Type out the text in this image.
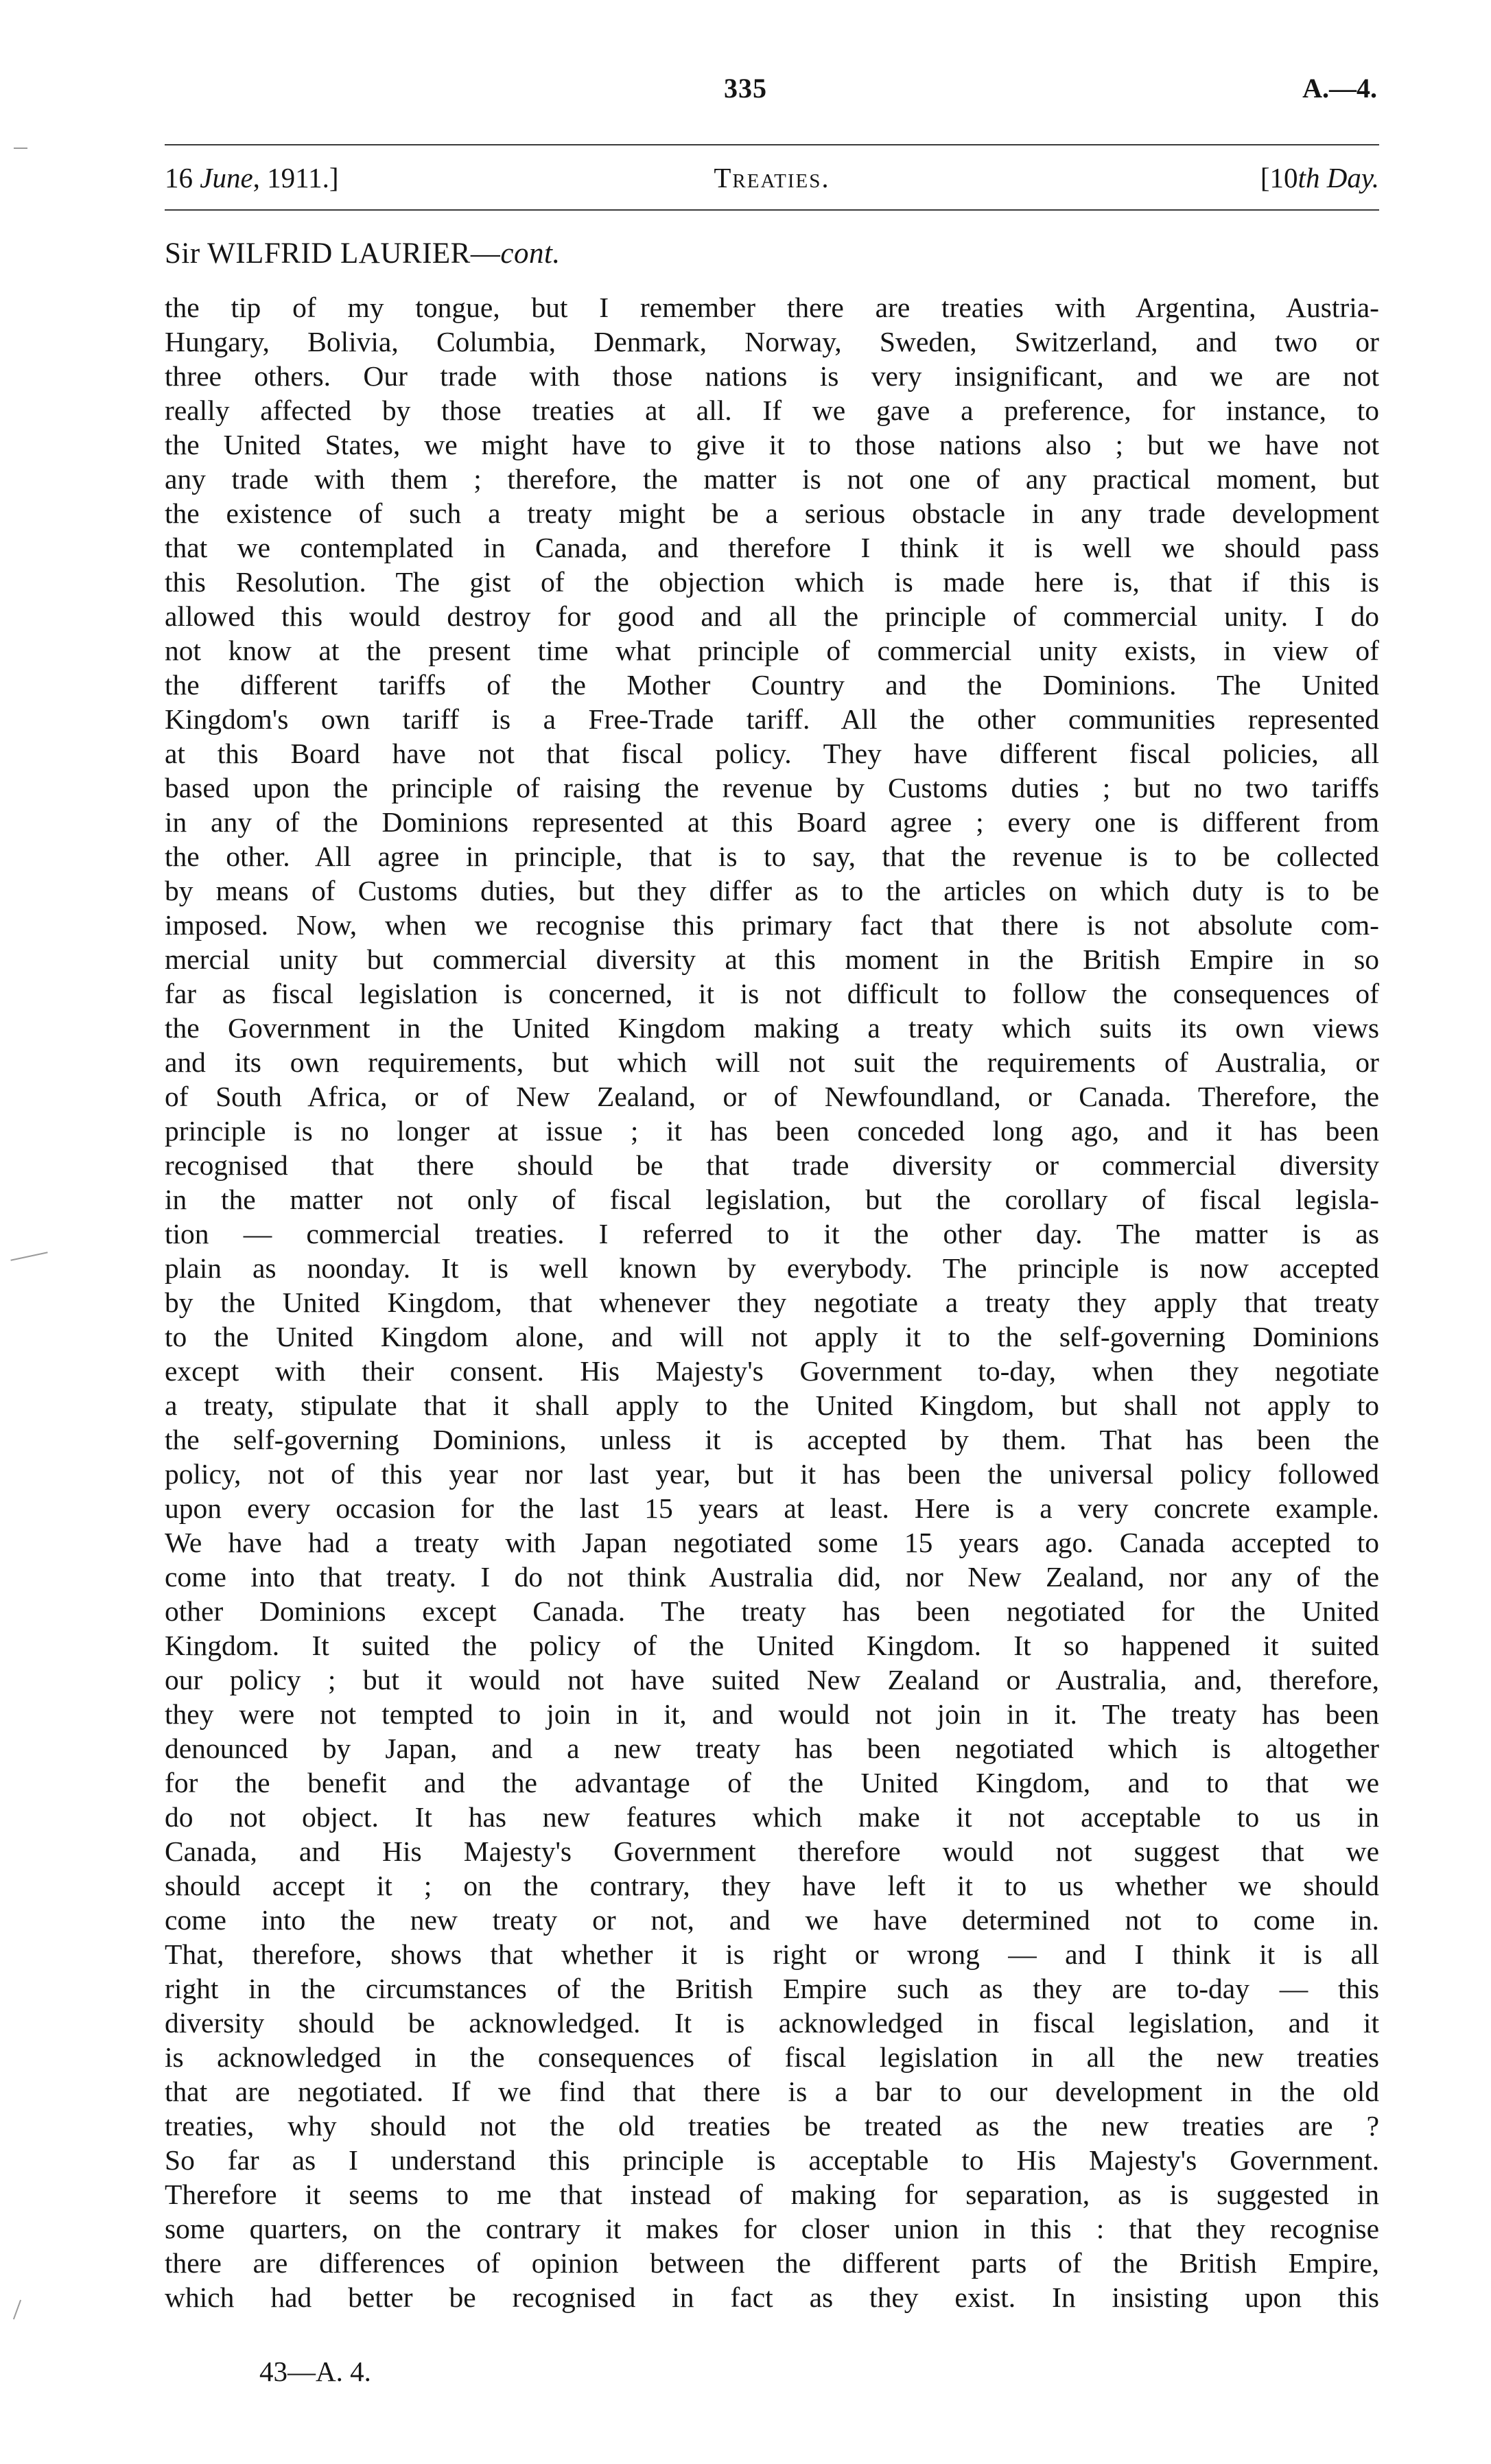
335	A.—4.
16 June, 1911.]	Treaties.	[10th Day.
Sir WILFRID LAURIER—cont.
the tip of my tongue, but I remember there are treaties with Argentina, Austria-
Hungary, Bolivia, Columbia, Denmark, Norway, Sweden, Switzerland, and two or
three others. Our trade with those nations is very insignificant, and we are not
really affected by those treaties at all. If we gave a preference, for instance, to
the United States, we might have to give it to those nations also ; but we have not
any trade with them ; therefore, the matter is not one of any practical moment, but
the existence of such a treaty might be a serious obstacle in any trade development
that we contemplated in Canada, and therefore I think it is well we should pass
this Resolution. The gist of the objection which is made here is, that if this is
allowed this would destroy for good and all the principle of commercial unity. I do
not know at the present time what principle of commercial unity exists, in view of
the different tariffs of the Mother Country and the Dominions. The United
Kingdom's own tariff is a Free-Trade tariff. All the other communities represented
at this Board have not that fiscal policy. They have different fiscal policies, all
based upon the principle of raising the revenue by Customs duties ; but no two tariffs
in any of the Dominions represented at this Board agree ; every one is different from
the other. All agree in principle, that is to say, that the revenue is to be collected
by means of Customs duties, but they differ as to the articles on which duty is to be
imposed. Now, when we recognise this primary fact that there is not absolute com-
mercial unity but commercial diversity at this moment in the British Empire in so
far as fiscal legislation is concerned, it is not difficult to follow the consequences of
the Government in the United Kingdom making a treaty which suits its own views
and its own requirements, but which will not suit the requirements of Australia, or
of South Africa, or of New Zealand, or of Newfoundland, or Canada. Therefore, the
principle is no longer at issue ; it has been conceded long ago, and it has been
recognised that there should be that trade diversity or commercial diversity
in the matter not only of fiscal legislation, but the corollary of fiscal legisla-
tion — commercial treaties. I referred to it the other day. The matter is as
plain as noonday. It is well known by everybody. The principle is now accepted
by the United Kingdom, that whenever they negotiate a treaty they apply that treaty
to the United Kingdom alone, and will not apply it to the self-governing Dominions
except with their consent. His Majesty's Government to-day, when they negotiate
a treaty, stipulate that it shall apply to the United Kingdom, but shall not apply to
the self-governing Dominions, unless it is accepted by them. That has been the
policy, not of this year nor last year, but it has been the universal policy followed
upon every occasion for the last 15 years at least. Here is a very concrete example.
We have had a treaty with Japan negotiated some 15 years ago. Canada accepted to
come into that treaty. I do not think Australia did, nor New Zealand, nor any of the
other Dominions except Canada. The treaty has been negotiated for the United
Kingdom. It suited the policy of the United Kingdom. It so happened it suited
our policy ; but it would not have suited New Zealand or Australia, and, therefore,
they were not tempted to join in it, and would not join in it. The treaty has been
denounced by Japan, and a new treaty has been negotiated which is altogether
for the benefit and the advantage of the United Kingdom, and to that we
do not object. It has new features which make it not acceptable to us in
Canada, and His Majesty's Government therefore would not suggest that we
should accept it ; on the contrary, they have left it to us whether we should
come into the new treaty or not, and we have determined not to come in.
That, therefore, shows that whether it is right or wrong — and I think it is all
right in the circumstances of the British Empire such as they are to-day — this
diversity should be acknowledged. It is acknowledged in fiscal legislation, and it
is acknowledged in the consequences of fiscal legislation in all the new treaties
that are negotiated. If we find that there is a bar to our development in the old
treaties, why should not the old treaties be treated as the new treaties are ?
So far as I understand this principle is acceptable to His Majesty's Government.
Therefore it seems to me that instead of making for separation, as is suggested in
some quarters, on the contrary it makes for closer union in this : that they recognise
there are differences of opinion between the different parts of the British Empire,
which had better be recognised in fact as they exist. In insisting upon this
43—A. 4.
